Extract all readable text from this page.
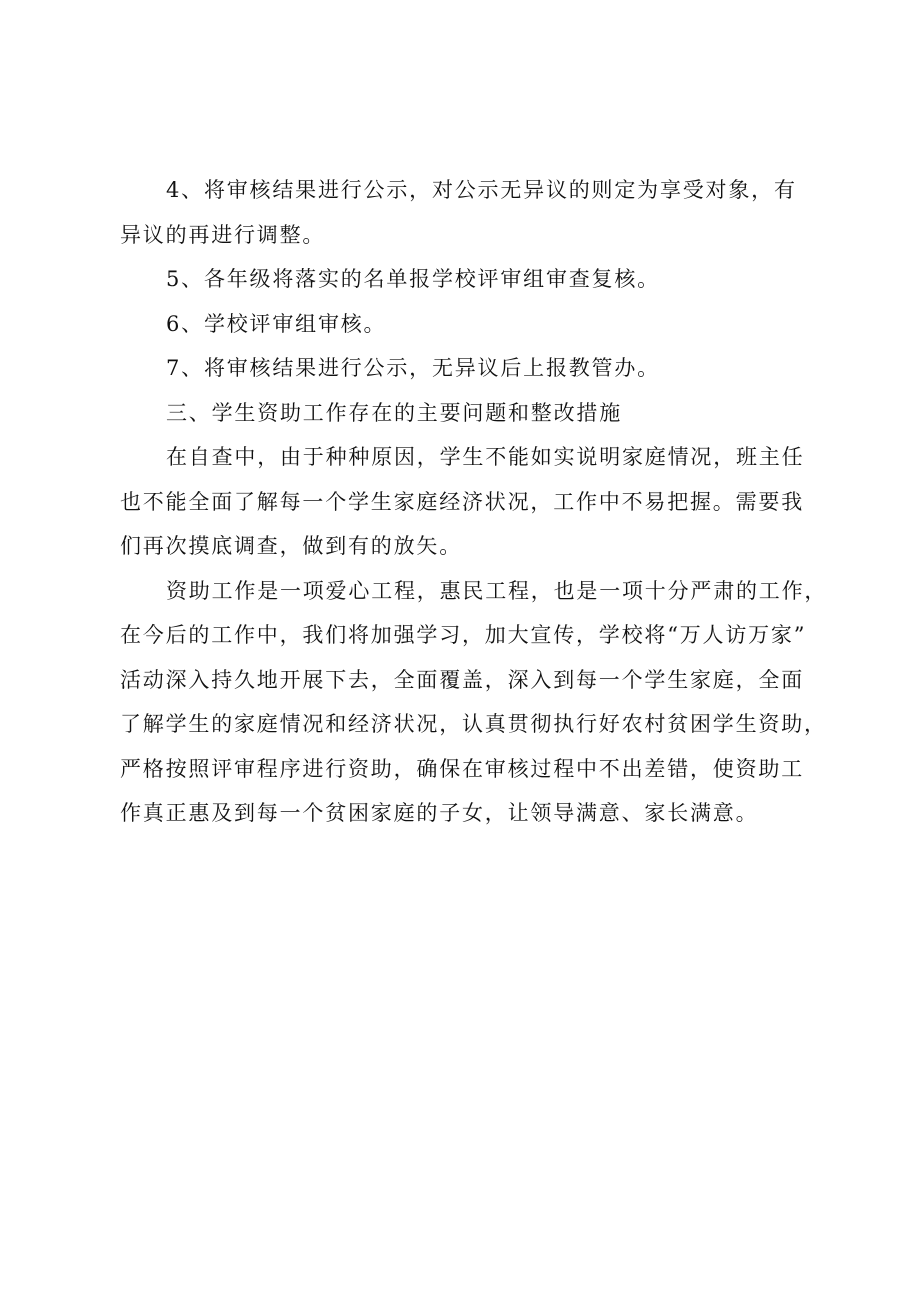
4、将审核结果进行公示，对公示无异议的则定为享受对象，有
异议的再进行调整。

5、各年级将落实的名单报学校评审组审查复核。

6、学校评审组审核。

7、将审核结果进行公示，无异议后上报教管办。

三、学生资助工作存在的主要问题和整改措施

在自查中，由于种种原因，学生不能如实说明家庭情况，班主任
也不能全面了解每一个学生家庭经济状况，工作中不易把握。需要我
们再次摸底调查，做到有的放矢。

资助工作是一项爱心工程，惠民工程，也是一项十分严肃的工作，
在今后的工作中，我们将加强学习，加大宣传，学校将“万人访万家”
活动深入持久地开展下去，全面覆盖，深入到每一个学生家庭，全面
了解学生的家庭情况和经济状况，认真贯彻执行好农村贫困学生资助，
严格按照评审程序进行资助，确保在审核过程中不出差错，使资助工
作真正惠及到每一个贫困家庭的子女，让领导满意、家长满意。
